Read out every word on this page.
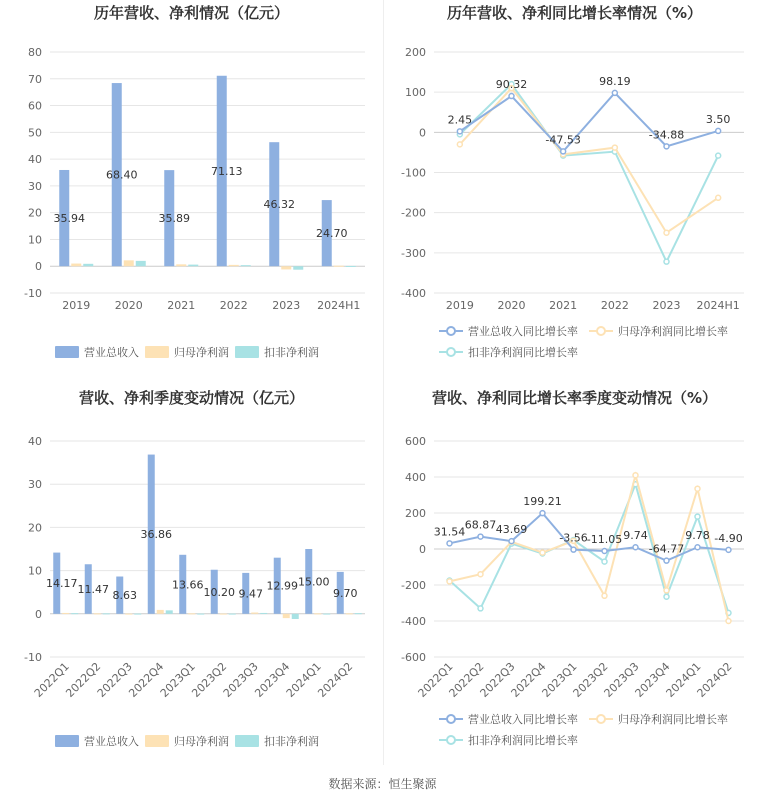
历年营收、净利情况（亿元）
-10
0
10
20
30
40
50
60
70
80
2019 2020 2021 2022 2023 2024H1
35.94
68.40
35.89
71.13
46.32
24.70
营业总收入	归母净利润	扣非净利润
历年营收、净利同比增长率情况（%）
-400
-300
-200
-100
0
100
200
2019 2020 2021 2022 2023 2024H1
2.45
90.32
-47.53
98.19
-34.88
3.50
营业总收入同比增长率	归母净利润同比增长率
扣非净利润同比增长率
营收、净利季度变动情况（亿元）
-10
0
10
20
30
40
2022Q1
2022Q2
2022Q3
2022Q4
2023Q1
2023Q2
2023Q3
2023Q4
2024Q1
2024Q2
14.17 11.47 8.63
36.86
13.66
10.20 9.47
12.99 15.00
9.70
营业总收入	归母净利润	扣非净利润
营收、净利同比增长率季度变动情况（%）
-600
-400
-200
0
200
400
600
2022Q1
2022Q2
2022Q3
2022Q4
2023Q1
2023Q2
2023Q3
2023Q4
2024Q1
2024Q2
31.54
68.87 43.69
199.21
-3.56 -11.05 9.74
-64.77
9.78 -4.90
营业总收入同比增长率	归母净利润同比增长率
扣非净利润同比增长率
数据来源：恒生聚源
